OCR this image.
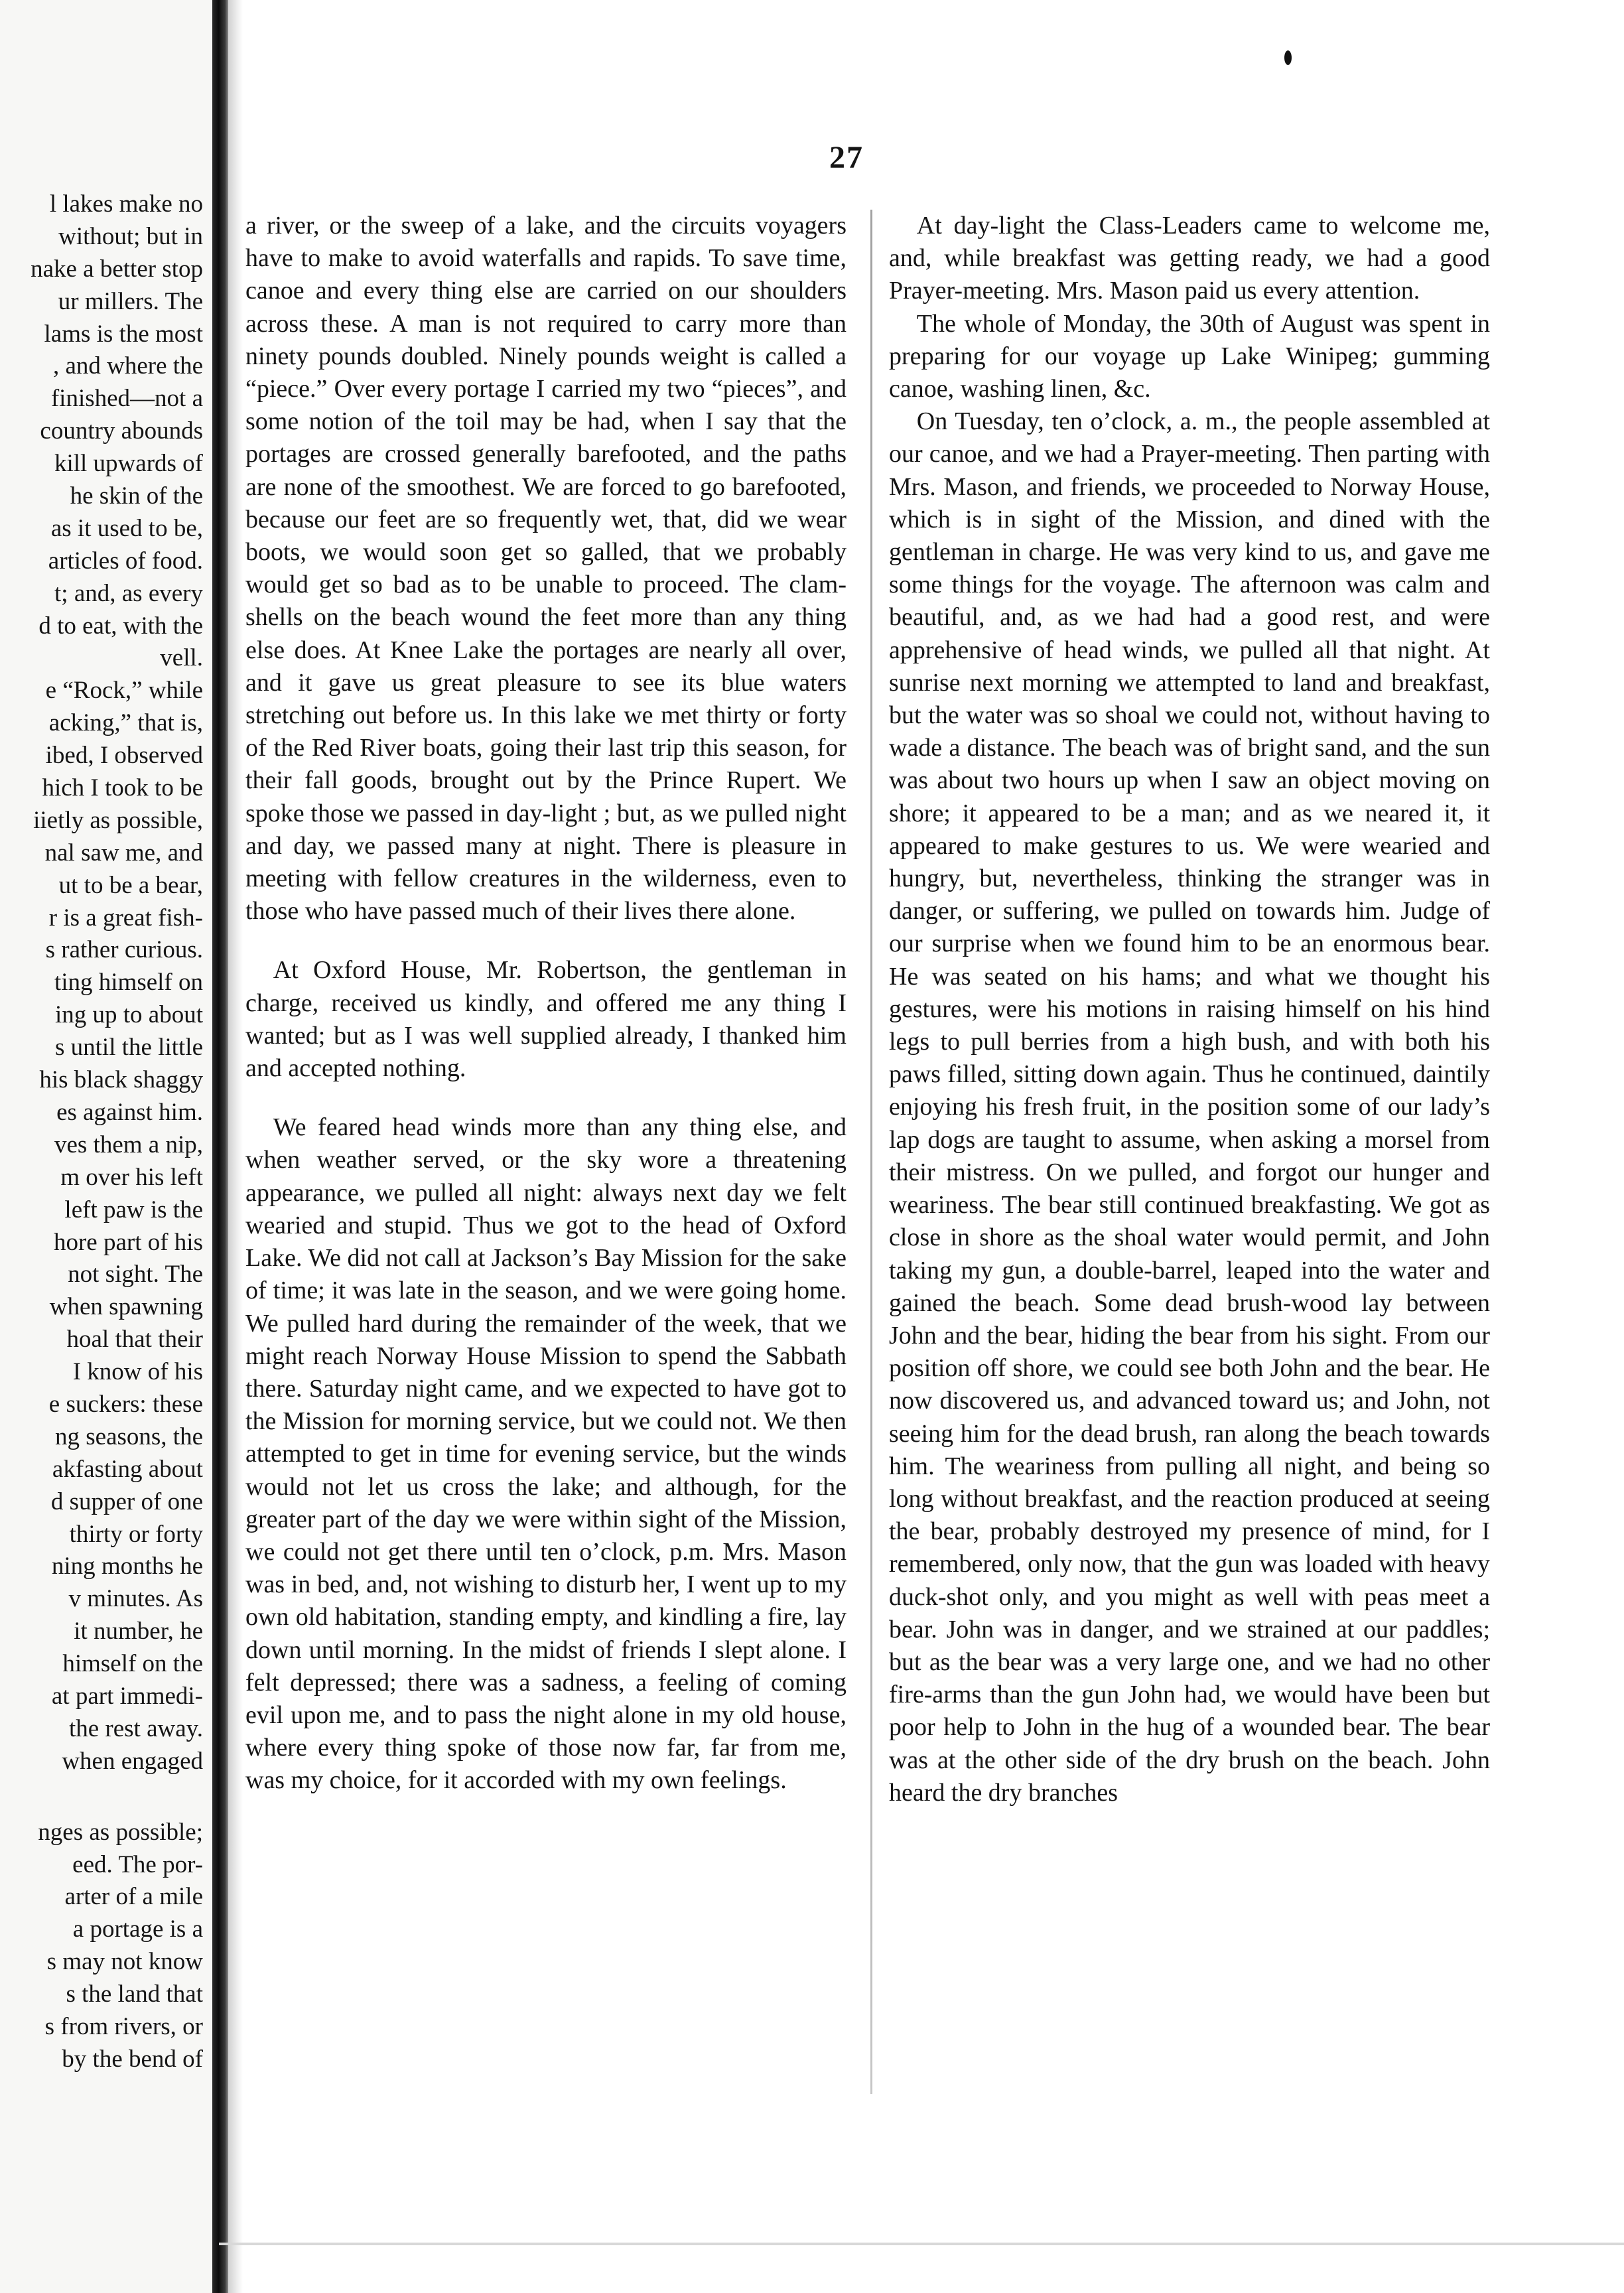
l lakes make no
without; but in
nake a better stop
ur millers. The
lams is the most
, and where the
finished—not a
country abounds
kill upwards of
he skin of the
as it used to be,
articles of food.
t; and, as every
d to eat, with the
vell.
e “Rock,” while
acking,” that is,
ibed, I observed
hich I took to be
iietly as possible,
nal saw me, and
ut to be a bear,
r is a great fish-
s rather curious.
ting himself on
ing up to about
s until the little
his black shaggy
es against him.
ves them a nip,
m over his left
left paw is the
hore part of his
not sight. The
when spawning
hoal that their
I know of his
e suckers: these
ng seasons, the
akfasting about
d supper of one
thirty or forty
ning months he
v minutes. As
it number, he
himself on the
at part immedi-
the rest away.
when engaged
nges as possible;
eed. The por-
arter of a mile
a portage is a
s may not know
s the land that
s from rivers, or
by the bend of
27

a river, or the sweep of a lake, and the circuits voyagers have to make to avoid waterfalls and rapids. To save time, canoe and every thing else are carried on our shoulders across these. A man is not required to carry more than ninety pounds doubled. Ninely pounds weight is called a “piece.” Over every portage I carried my two “pieces”, and some notion of the toil may be had, when I say that the portages are crossed generally barefooted, and the paths are none of the smoothest. We are forced to go barefooted, because our feet are so frequently wet, that, did we wear boots, we would soon get so galled, that we probably would get so bad as to be unable to proceed. The clam-shells on the beach wound the feet more than any thing else does. At Knee Lake the portages are nearly all over, and it gave us great pleasure to see its blue waters stretching out before us. In this lake we met thirty or forty of the Red River boats, going their last trip this season, for their fall goods, brought out by the Prince Rupert. We spoke those we passed in day-light ; but, as we pulled night and day, we passed many at night. There is pleasure in meeting with fellow creatures in the wilderness, even to those who have passed much of their lives there alone.

At Oxford House, Mr. Robertson, the gentleman in charge, received us kindly, and offered me any thing I wanted; but as I was well supplied already, I thanked him and accepted nothing.

We feared head winds more than any thing else, and when weather served, or the sky wore a threatening appearance, we pulled all night: always next day we felt wearied and stupid. Thus we got to the head of Oxford Lake. We did not call at Jackson’s Bay Mission for the sake of time; it was late in the season, and we were going home. We pulled hard during the remainder of the week, that we might reach Norway House Mission to spend the Sabbath there. Saturday night came, and we expected to have got to the Mission for morning service, but we could not. We then attempted to get in time for evening service, but the winds would not let us cross the lake; and although, for the greater part of the day we were within sight of the Mission, we could not get there until ten o’clock, p.m. Mrs. Mason was in bed, and, not wishing to disturb her, I went up to my own old habitation, standing empty, and kindling a fire, lay down until morning. In the midst of friends I slept alone. I felt depressed; there was a sadness, a feeling of coming evil upon me, and to pass the night alone in my old house, where every thing spoke of those now far, far from me, was my choice, for it accorded with my own feelings.

At day-light the Class-Leaders came to welcome me, and, while breakfast was getting ready, we had a good Prayer-meeting. Mrs. Mason paid us every attention.

The whole of Monday, the 30th of August was spent in preparing for our voyage up Lake Winipeg; gumming canoe, washing linen, &c.

On Tuesday, ten o’clock, a. m., the people assembled at our canoe, and we had a Prayer-meeting. Then parting with Mrs. Mason, and friends, we proceeded to Norway House, which is in sight of the Mission, and dined with the gentleman in charge. He was very kind to us, and gave me some things for the voyage. The afternoon was calm and beautiful, and, as we had had a good rest, and were apprehensive of head winds, we pulled all that night. At sunrise next morning we attempted to land and breakfast, but the water was so shoal we could not, without having to wade a distance. The beach was of bright sand, and the sun was about two hours up when I saw an object moving on shore; it appeared to be a man; and as we neared it, it appeared to make gestures to us. We were wearied and hungry, but, nevertheless, thinking the stranger was in danger, or suffering, we pulled on towards him. Judge of our surprise when we found him to be an enormous bear. He was seated on his hams; and what we thought his gestures, were his motions in raising himself on his hind legs to pull berries from a high bush, and with both his paws filled, sitting down again. Thus he continued, daintily enjoying his fresh fruit, in the position some of our lady’s lap dogs are taught to assume, when asking a morsel from their mistress. On we pulled, and forgot our hunger and weariness. The bear still continued breakfasting. We got as close in shore as the shoal water would permit, and John taking my gun, a double-barrel, leaped into the water and gained the beach. Some dead brush-wood lay between John and the bear, hiding the bear from his sight. From our position off shore, we could see both John and the bear. He now discovered us, and advanced toward us; and John, not seeing him for the dead brush, ran along the beach towards him. The weariness from pulling all night, and being so long without breakfast, and the reaction produced at seeing the bear, probably destroyed my presence of mind, for I remembered, only now, that the gun was loaded with heavy duck-shot only, and you might as well with peas meet a bear. John was in danger, and we strained at our paddles; but as the bear was a very large one, and we had no other fire-arms than the gun John had, we would have been but poor help to John in the hug of a wounded bear. The bear was at the other side of the dry brush on the beach. John heard the dry branches
